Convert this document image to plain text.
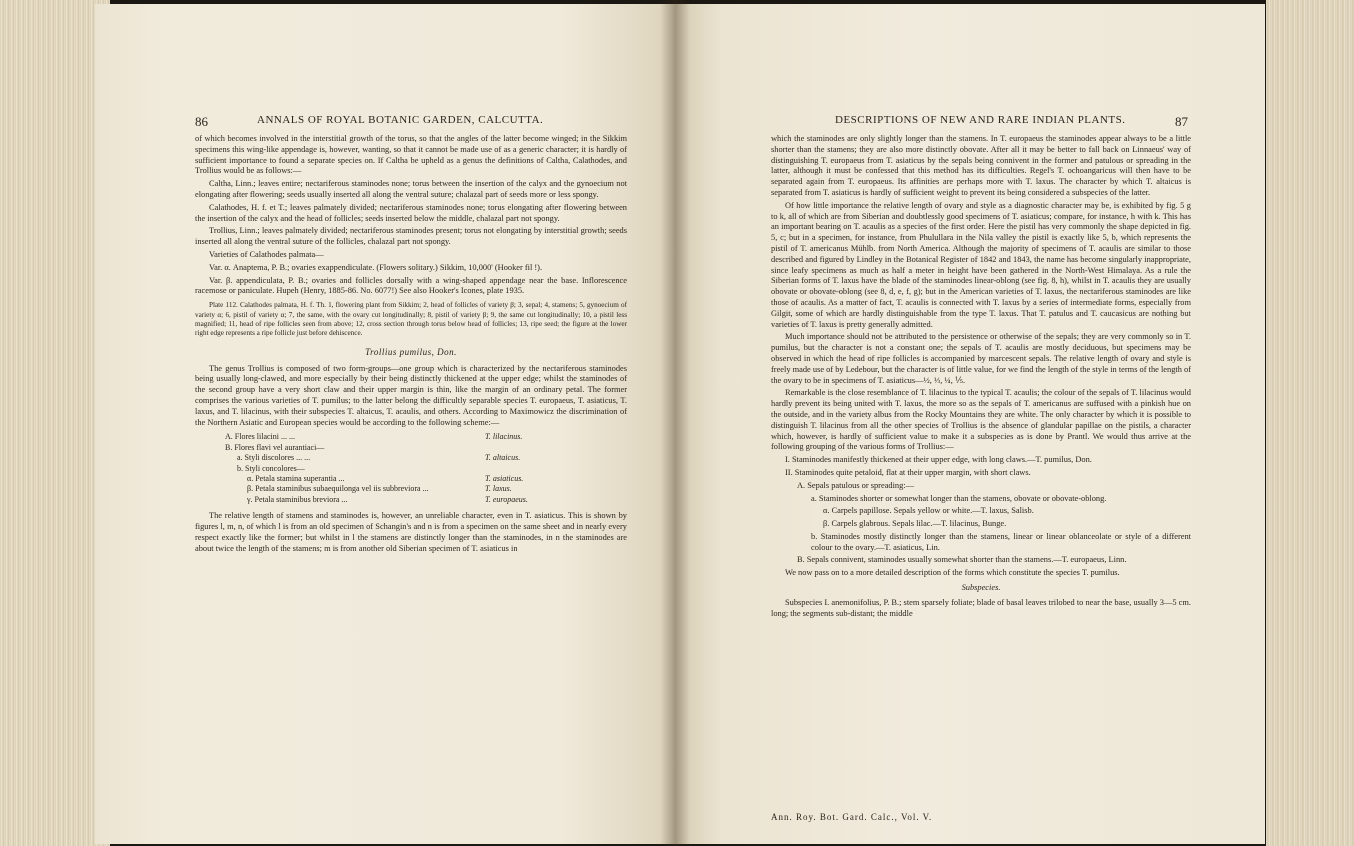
86	ANNALS OF ROYAL BOTANIC GARDEN, CALCUTTA.

of which becomes involved in the interstitial growth of the torus, so that the angles of the latter become winged; in the Sikkim specimens this wing-like appendage is, however, wanting, so that it cannot be made use of as a generic character; it is hardly of sufficient importance to found a separate species on. If Caltha be upheld as a genus the definitions of Caltha, Calathodes, and Trollius would be as follows:—

Caltha, Linn.; leaves entire; nectariferous staminodes none; torus between the insertion of the calyx and the gynoecium not elongating after flowering; seeds usually inserted all along the ventral suture; chalazal part of seeds more or less spongy.

Calathodes, H. f. et T.; leaves palmately divided; nectariferous staminodes none; torus elongating after flowering between the insertion of the calyx and the head of follicles; seeds inserted below the middle, chalazal part not spongy.

Trollius, Linn.; leaves palmately divided; nectariferous staminodes present; torus not elongating by interstitial growth; seeds inserted all along the ventral suture of the follicles, chalazal part not spongy.

Varieties of Calathodes palmata—

Var. α. Anaptema, P. B.; ovaries exappendiculate. (Flowers solitary.) Sikkim, 10,000' (Hooker fil !).

Var. β. appendiculata, P. B.; ovaries and follicles dorsally with a wing-shaped appendage near the base. Inflorescence racemose or paniculate. Hupeh (Henry, 1885-86. No. 6077!) See also Hooker's Icones, plate 1935.

Plate 112. Calathodes palmata, H. f. Th. 1, flowering plant from Sikkim; 2, head of follicles of variety β; 3, sepal; 4, stamens; 5, gynoecium of variety α; 6, pistil of variety α; 7, the same, with the ovary cut longitudinally; 8, pistil of variety β; 9, the same cut longitudinally; 10, a pistil less magnified; 11, head of ripe follicles seen from above; 12, cross section through torus below head of follicles; 13, ripe seed; the figure at the lower right edge represents a ripe follicle just before dehiscence.

Trollius pumilus, Don.

The genus Trollius is composed of two form-groups—one group which is characterized by the nectariferous staminodes being usually long-clawed, and more especially by their being distinctly thickened at the upper edge; whilst the staminodes of the second group have a very short claw and their upper margin is thin, like the margin of an ordinary petal. The former comprises the various varieties of T. pumilus; to the latter belong the difficultly separable species T. europaeus, T. asiaticus, T. laxus, and T. lilacinus, with their subspecies T. altaicus, T. acaulis, and others. According to Maximowicz the discrimination of the Northern Asiatic and European species would be according to the following scheme:—

A. Flores lilacini ... ...	T. lilacinus.
B. Flores flavi vel aurantiaci—
a. Styli discolores ... ...	T. altaicus.
b. Styli concolores—
α. Petala stamina superantia ...	T. asiaticus.
β. Petala staminibus subaequilonga vel iis subbreviora ...	T. laxus.
γ. Petala staminibus breviora ...	T. europaeus.

The relative length of stamens and staminodes is, however, an unreliable character, even in T. asiaticus. This is shown by figures l, m, n, of which l is from an old specimen of Schangin's and n is from a specimen on the same sheet and in nearly every respect exactly like the former; but whilst in l the stamens are distinctly longer than the staminodes, in n the staminodes are about twice the length of the stamens; m is from another old Siberian specimen of T. asiaticus in

DESCRIPTIONS OF NEW AND RARE INDIAN PLANTS.	87

which the staminodes are only slightly longer than the stamens. In T. europaeus the staminodes appear always to be a little shorter than the stamens; they are also more distinctly obovate. After all it may be better to fall back on Linnaeus' way of distinguishing T. europaeus from T. asiaticus by the sepals being connivent in the former and patulous or spreading in the latter, although it must be confessed that this method has its difficulties. Regel's T. ochoangaricus will then have to be separated again from T. europaeus. Its affinities are perhaps more with T. laxus. The character by which T. altaicus is separated from T. asiaticus is hardly of sufficient weight to prevent its being considered a subspecies of the latter.

Of how little importance the relative length of ovary and style as a diagnostic character may be, is exhibited by fig. 5 g to k, all of which are from Siberian and doubtlessly good specimens of T. asiaticus; compare, for instance, h with k. This has an important bearing on T. acaulis as a species of the first order. Here the pistil has very commonly the shape depicted in fig. 5, c; but in a specimen, for instance, from Phulullara in the Nila valley the pistil is exactly like 5, b, which represents the pistil of T. americanus Mühlb. from North America. Although the majority of specimens of T. acaulis are similar to those described and figured by Lindley in the Botanical Register of 1842 and 1843, the name has become singularly inappropriate, since leafy specimens as much as half a meter in height have been gathered in the North-West Himalaya. As a rule the Siberian forms of T. laxus have the blade of the staminodes linear-oblong (see fig. 8, h), whilst in T. acaulis they are usually obovate or obovate-oblong (see 8, d, e, f, g); but in the American varieties of T. laxus, the nectariferous staminodes are like those of acaulis. As a matter of fact, T. acaulis is connected with T. laxus by a series of intermediate forms, especially from Gilgit, some of which are hardly distinguishable from the type T. laxus. That T. patulus and T. caucasicus are nothing but varieties of T. laxus is pretty generally admitted.

Much importance should not be attributed to the persistence or otherwise of the sepals; they are very commonly so in T. pumilus, but the character is not a constant one; the sepals of T. acaulis are mostly deciduous, but specimens may be observed in which the head of ripe follicles is accompanied by marcescent sepals. The relative length of ovary and style is freely made use of by Ledebour, but the character is of little value, for we find the length of the style in terms of the length of the ovary to be in specimens of T. asiaticus—½, ⅓, ¼, ⅕.

Remarkable is the close resemblance of T. lilacinus to the typical T. acaulis; the colour of the sepals of T. lilacinus would hardly prevent its being united with T. laxus, the more so as the sepals of T. americanus are suffused with a pinkish hue on the outside, and in the variety albus from the Rocky Mountains they are white. The only character by which it is possible to distinguish T. lilacinus from all the other species of Trollius is the absence of glandular papillae on the pistils, a character which, however, is hardly of sufficient value to make it a subspecies as is done by Prantl. We would thus arrive at the following grouping of the various forms of Trollius:—

I. Staminodes manifestly thickened at their upper edge, with long claws.—T. pumilus, Don.

II. Staminodes quite petaloid, flat at their upper margin, with short claws.

A. Sepals patulous or spreading:—

a. Staminodes shorter or somewhat longer than the stamens, obovate or obovate-oblong.

α. Carpels papillose. Sepals yellow or white.—T. laxus, Salisb.

β. Carpels glabrous. Sepals lilac.—T. lilacinus, Bunge.

b. Staminodes mostly distinctly longer than the stamens, linear or linear oblanceolate or style of a different colour to the ovary.—T. asiaticus, Lin.

B. Sepals connivent, staminodes usually somewhat shorter than the stamens.—T. europaeus, Linn.

We now pass on to a more detailed description of the forms which constitute the species T. pumilus.

Subspecies.

Subspecies I. anemonifolius, P. B.; stem sparsely foliate; blade of basal leaves trilobed to near the base, usually 3—5 cm. long; the segments sub-distant; the middle

Ann. Roy. Bot. Gard. Calc., Vol. V.
